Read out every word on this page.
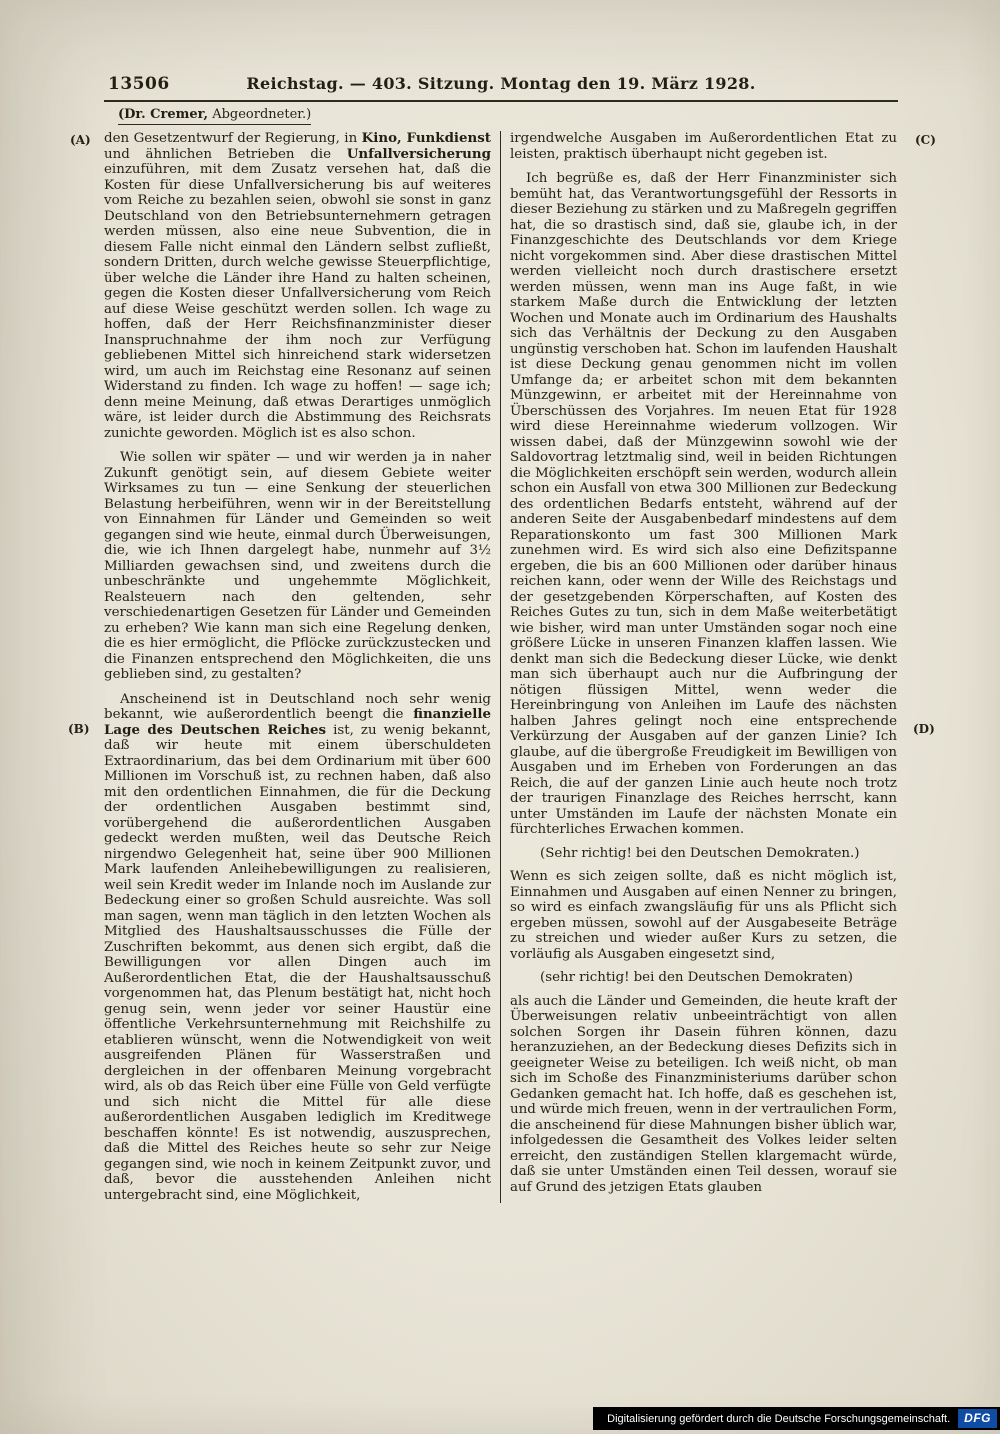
13506	Reichstag. — 403. Sitzung. Montag den 19. März 1928.
(Dr. Cremer, Abgeordneter.)
(A)
(B)
(C)
(D)

den Gesetzentwurf der Regierung, in Kino, Funkdienst und ähnlichen Betrieben die Unfallversicherung einzuführen, mit dem Zusatz versehen hat, daß die Kosten für diese Unfallversicherung bis auf weiteres vom Reiche zu bezahlen seien, obwohl sie sonst in ganz Deutschland von den Betriebsunternehmern getragen werden müssen, also eine neue Subvention, die in diesem Falle nicht einmal den Ländern selbst zufließt, sondern Dritten, durch welche gewisse Steuerpflichtige, über welche die Länder ihre Hand zu halten scheinen, gegen die Kosten dieser Unfallversicherung vom Reich auf diese Weise geschützt werden sollen. Ich wage zu hoffen, daß der Herr Reichsfinanzminister dieser Inanspruchnahme der ihm noch zur Verfügung gebliebenen Mittel sich hinreichend stark widersetzen wird, um auch im Reichstag eine Resonanz auf seinen Widerstand zu finden. Ich wage zu hoffen! — sage ich; denn meine Meinung, daß etwas Derartiges unmöglich wäre, ist leider durch die Abstimmung des Reichsrats zunichte geworden. Möglich ist es also schon.

Wie sollen wir später — und wir werden ja in naher Zukunft genötigt sein, auf diesem Gebiete weiter Wirksames zu tun — eine Senkung der steuerlichen Belastung herbeiführen, wenn wir in der Bereitstellung von Einnahmen für Länder und Gemeinden so weit gegangen sind wie heute, einmal durch Überweisungen, die, wie ich Ihnen dargelegt habe, nunmehr auf 3½ Milliarden gewachsen sind, und zweitens durch die unbeschränkte und ungehemmte Möglichkeit, Realsteuern nach den geltenden, sehr verschiedenartigen Gesetzen für Länder und Gemeinden zu erheben? Wie kann man sich eine Regelung denken, die es hier ermöglicht, die Pflöcke zurückzustecken und die Finanzen entsprechend den Möglichkeiten, die uns geblieben sind, zu gestalten?

Anscheinend ist in Deutschland noch sehr wenig bekannt, wie außerordentlich beengt die finanzielle Lage des Deutschen Reiches ist, zu wenig bekannt, daß wir heute mit einem überschuldeten Extraordinarium, das bei dem Ordinarium mit über 600 Millionen im Vorschuß ist, zu rechnen haben, daß also mit den ordentlichen Einnahmen, die für die Deckung der ordentlichen Ausgaben bestimmt sind, vorübergehend die außerordentlichen Ausgaben gedeckt werden mußten, weil das Deutsche Reich nirgendwo Gelegenheit hat, seine über 900 Millionen Mark laufenden Anleihebewilligungen zu realisieren, weil sein Kredit weder im Inlande noch im Auslande zur Bedeckung einer so großen Schuld ausreichte. Was soll man sagen, wenn man täglich in den letzten Wochen als Mitglied des Haushaltsausschusses die Fülle der Zuschriften bekommt, aus denen sich ergibt, daß die Bewilligungen vor allen Dingen auch im Außerordentlichen Etat, die der Haushaltsausschuß vorgenommen hat, das Plenum bestätigt hat, nicht hoch genug sein, wenn jeder vor seiner Haustür eine öffentliche Verkehrsunternehmung mit Reichshilfe zu etablieren wünscht, wenn die Notwendigkeit von weit ausgreifenden Plänen für Wasserstraßen und dergleichen in der offenbaren Meinung vorgebracht wird, als ob das Reich über eine Fülle von Geld verfügte und sich nicht die Mittel für alle diese außerordentlichen Ausgaben lediglich im Kreditwege beschaffen könnte! Es ist notwendig, auszusprechen, daß die Mittel des Reiches heute so sehr zur Neige gegangen sind, wie noch in keinem Zeitpunkt zuvor, und daß, bevor die ausstehenden Anleihen nicht untergebracht sind, eine Möglichkeit,

irgendwelche Ausgaben im Außerordentlichen Etat zu leisten, praktisch überhaupt nicht gegeben ist.

Ich begrüße es, daß der Herr Finanzminister sich bemüht hat, das Verantwortungsgefühl der Ressorts in dieser Beziehung zu stärken und zu Maßregeln gegriffen hat, die so drastisch sind, daß sie, glaube ich, in der Finanzgeschichte des Deutschlands vor dem Kriege nicht vorgekommen sind. Aber diese drastischen Mittel werden vielleicht noch durch drastischere ersetzt werden müssen, wenn man ins Auge faßt, in wie starkem Maße durch die Entwicklung der letzten Wochen und Monate auch im Ordinarium des Haushalts sich das Verhältnis der Deckung zu den Ausgaben ungünstig verschoben hat. Schon im laufenden Haushalt ist diese Deckung genau genommen nicht im vollen Umfange da; er arbeitet schon mit dem bekannten Münzgewinn, er arbeitet mit der Hereinnahme von Überschüssen des Vorjahres. Im neuen Etat für 1928 wird diese Hereinnahme wiederum vollzogen. Wir wissen dabei, daß der Münzgewinn sowohl wie der Saldovortrag letztmalig sind, weil in beiden Richtungen die Möglichkeiten erschöpft sein werden, wodurch allein schon ein Ausfall von etwa 300 Millionen zur Bedeckung des ordentlichen Bedarfs entsteht, während auf der anderen Seite der Ausgabenbedarf mindestens auf dem Reparationskonto um fast 300 Millionen Mark zunehmen wird. Es wird sich also eine Defizitspanne ergeben, die bis an 600 Millionen oder darüber hinaus reichen kann, oder wenn der Wille des Reichstags und der gesetzgebenden Körperschaften, auf Kosten des Reiches Gutes zu tun, sich in dem Maße weiterbetätigt wie bisher, wird man unter Umständen sogar noch eine größere Lücke in unseren Finanzen klaffen lassen. Wie denkt man sich die Bedeckung dieser Lücke, wie denkt man sich überhaupt auch nur die Aufbringung der nötigen flüssigen Mittel, wenn weder die Hereinbringung von Anleihen im Laufe des nächsten halben Jahres gelingt noch eine entsprechende Verkürzung der Ausgaben auf der ganzen Linie? Ich glaube, auf die übergroße Freudigkeit im Bewilligen von Ausgaben und im Erheben von Forderungen an das Reich, die auf der ganzen Linie auch heute noch trotz der traurigen Finanzlage des Reiches herrscht, kann unter Umständen im Laufe der nächsten Monate ein fürchterliches Erwachen kommen.

(Sehr richtig! bei den Deutschen Demokraten.)

Wenn es sich zeigen sollte, daß es nicht möglich ist, Einnahmen und Ausgaben auf einen Nenner zu bringen, so wird es einfach zwangsläufig für uns als Pflicht sich ergeben müssen, sowohl auf der Ausgabeseite Beträge zu streichen und wieder außer Kurs zu setzen, die vorläufig als Ausgaben eingesetzt sind,

(sehr richtig! bei den Deutschen Demokraten)

als auch die Länder und Gemeinden, die heute kraft der Überweisungen relativ unbeeinträchtigt von allen solchen Sorgen ihr Dasein führen können, dazu heranzuziehen, an der Bedeckung dieses Defizits sich in geeigneter Weise zu beteiligen. Ich weiß nicht, ob man sich im Schoße des Finanzministeriums darüber schon Gedanken gemacht hat. Ich hoffe, daß es geschehen ist, und würde mich freuen, wenn in der vertraulichen Form, die anscheinend für diese Mahnungen bisher üblich war, infolgedessen die Gesamtheit des Volkes leider selten erreicht, den zuständigen Stellen klargemacht würde, daß sie unter Umständen einen Teil dessen, worauf sie auf Grund des jetzigen Etats glauben

Digitalisierung gefördert durch die Deutsche Forschungsgemeinschaft.	DFG
